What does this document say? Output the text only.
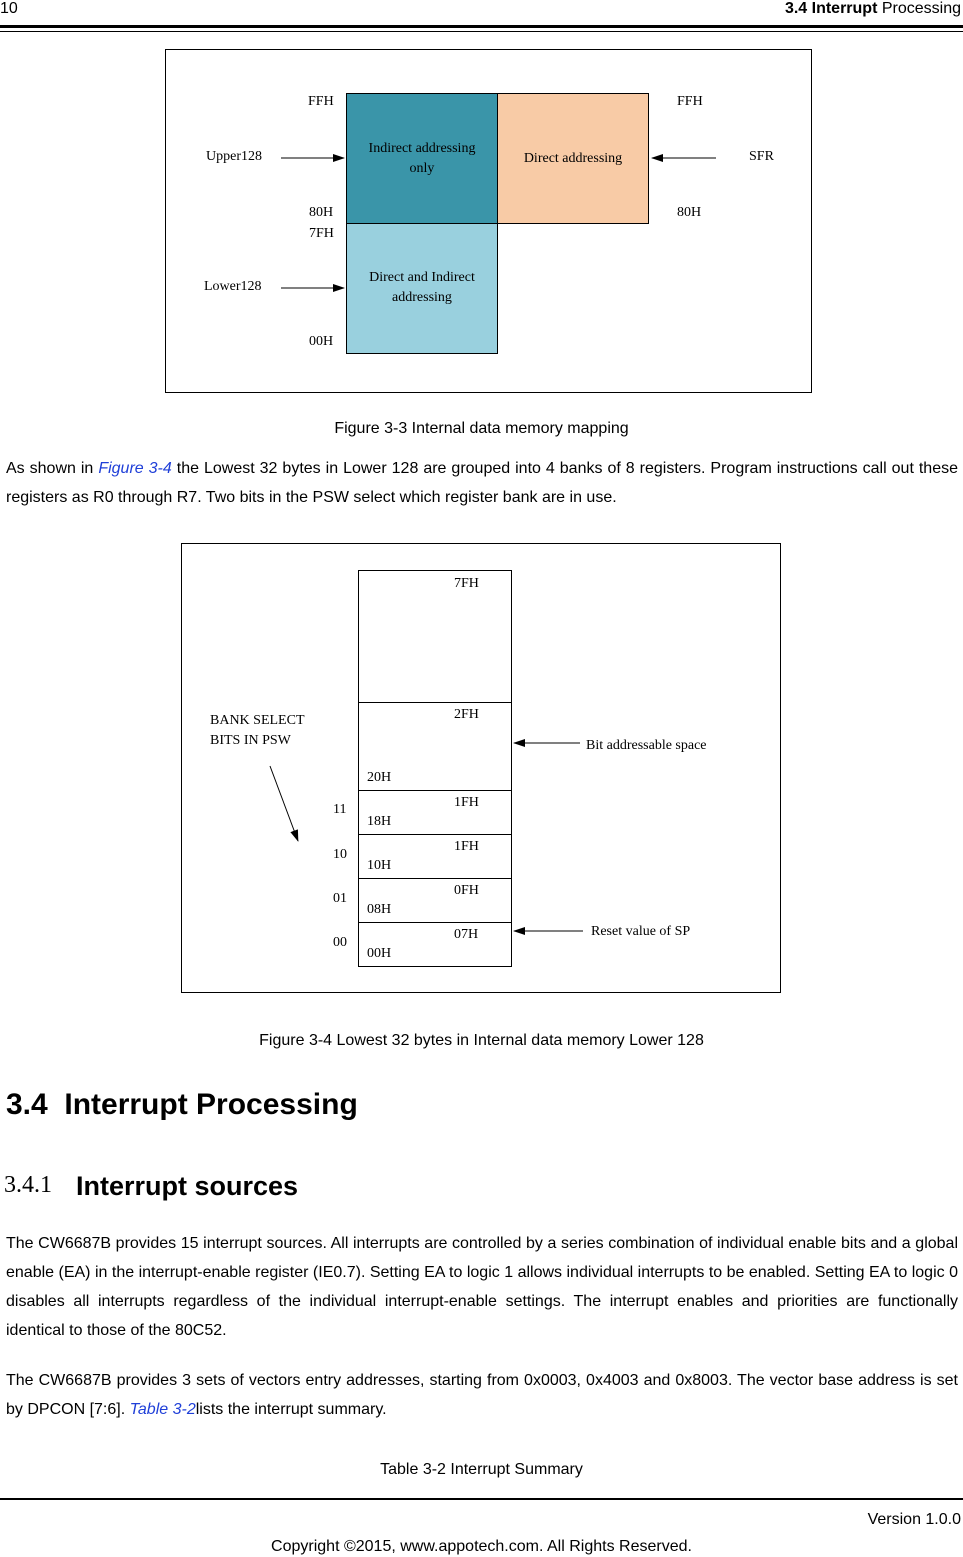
10	3.4 Interrupt Processing
Indirect addressing only
Direct addressing
Direct and Indirect addressing
FFH
80H
7FH
00H
FFH
80H
Upper128
Lower128
SFR
Figure 3-3 Internal data memory mapping
As shown in Figure 3-4 the Lowest 32 bytes in Lower 128 are grouped into 4 banks of 8 registers. Program instructions call out these registers as R0 through R7. Two bits in the PSW select which register bank are in use.
7FH
2FH
20H
1FH
18H
1FH
10H
0FH
08H
07H
00H
11
10
01
00
BANK SELECT
BITS IN PSW	Bit addressable space
Reset value of SP
Figure 3-4 Lowest 32 bytes in Internal data memory Lower 128
3.4  Interrupt Processing
3.4.1 Interrupt sources
The CW6687B provides 15 interrupt sources. All interrupts are controlled by a series combination of individual enable bits and a global enable (EA) in the interrupt-enable register (IE0.7). Setting EA to logic 1 allows individual interrupts to be enabled. Setting EA to logic 0 disables all interrupts regardless of the individual interrupt-enable settings. The interrupt enables and priorities are functionally identical to those of the 80C52.
The CW6687B provides 3 sets of vectors entry addresses, starting from 0x0003, 0x4003 and 0x8003. The vector base address is set by DPCON [7:6]. Table 3-2lists the interrupt summary.
Table 3-2 Interrupt Summary
Version 1.0.0
Copyright ©2015, www.appotech.com. All Rights Reserved.
